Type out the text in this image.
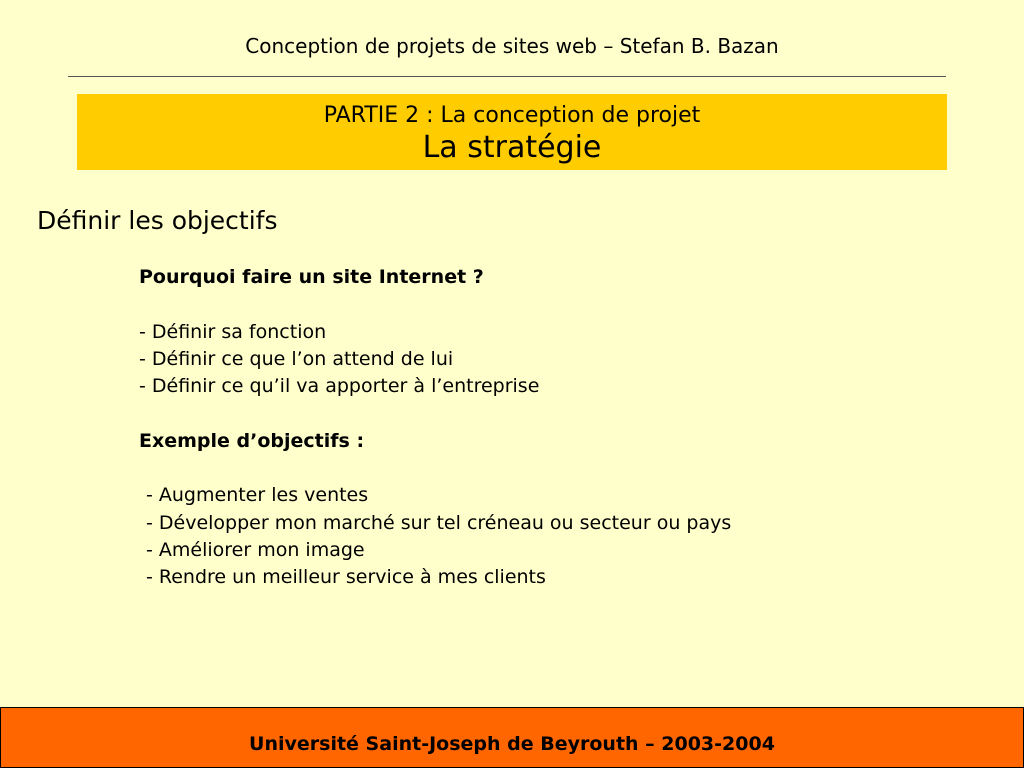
Conception de projets de sites web – Stefan B. Bazan
PARTIE 2 : La conception de projet
La stratégie
Définir les objectifs
Pourquoi faire un site Internet ?
- Définir sa fonction
- Définir ce que l’on attend de lui
- Définir ce qu’il va apporter à l’entreprise
Exemple d’objectifs :
- Augmenter les ventes
- Développer mon marché sur tel créneau ou secteur ou pays
- Améliorer mon image
- Rendre un meilleur service à mes clients
Université Saint-Joseph de Beyrouth – 2003-2004
